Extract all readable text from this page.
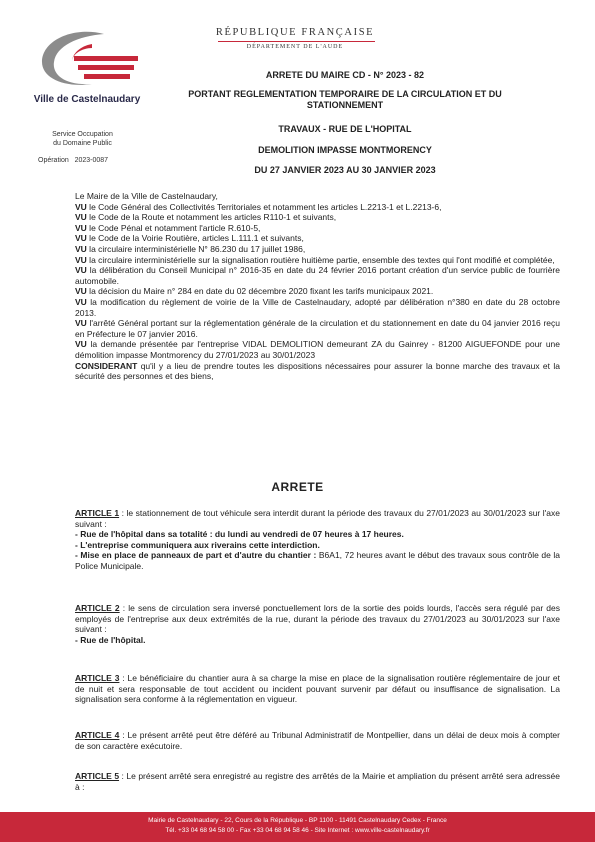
Ville de Castelnaudary
Service Occupation
du Domaine Public
Opération   2023-0087
RÉPUBLIQUE FRANÇAISE
DÉPARTEMENT DE L'AUDE
ARRETE DU MAIRE CD - N° 2023 - 82
PORTANT REGLEMENTATION TEMPORAIRE DE LA CIRCULATION ET DU
STATIONNEMENT
TRAVAUX - RUE DE L'HOPITAL
DEMOLITION IMPASSE MONTMORENCY
DU 27 JANVIER 2023 AU 30 JANVIER 2023
Le Maire de la Ville de Castelnaudary,
VU le Code Général des Collectivités Territoriales et notamment les articles L.2213-1 et L.2213-6,
VU le Code de la Route et notamment les articles R110-1 et suivants,
VU le Code Pénal et notamment l'article R.610-5,
VU le Code de la Voirie Routière, articles L.111.1 et suivants,
VU la circulaire interministérielle N° 86.230 du 17 juillet 1986,
VU la circulaire interministérielle sur la signalisation routière huitième partie, ensemble des textes qui l'ont modifié et complétée,
VU la délibération du Conseil Municipal n° 2016-35 en date du 24 février 2016 portant création d'un service public de fourrière automobile.
VU la décision du Maire n° 284 en date du 02 décembre 2020 fixant les tarifs municipaux 2021.
VU la modification du règlement de voirie de la Ville de Castelnaudary, adopté par délibération n°380 en date du 28 octobre 2013.
VU l'arrêté Général portant sur la réglementation générale de la circulation et du stationnement en date du 04 janvier 2016 reçu en Préfecture le 07 janvier 2016.
VU la demande présentée par l'entreprise VIDAL DEMOLITION demeurant ZA du Gainrey - 81200 AIGUEFONDE pour une démolition impasse Montmorency du 27/01/2023 au 30/01/2023
CONSIDERANT qu'il y a lieu de prendre toutes les dispositions nécessaires pour assurer la bonne marche des travaux et la sécurité des personnes et des biens,
ARRETE
ARTICLE 1 : le stationnement de tout véhicule sera interdit durant la période des travaux du 27/01/2023 au 30/01/2023 sur l'axe suivant :
- Rue de l'hôpital dans sa totalité : du lundi au vendredi de 07 heures à 17 heures.
- L'entreprise communiquera aux riverains cette interdiction.
- Mise en place de panneaux de part et d'autre du chantier : B6A1, 72 heures avant le début des travaux sous contrôle de la Police Municipale.
ARTICLE 2 : le sens de circulation sera inversé ponctuellement lors de la sortie des poids lourds, l'accès sera régulé par des employés de l'entreprise aux deux extrémités de la rue, durant la période des travaux du 27/01/2023 au 30/01/2023 sur l'axe suivant :
- Rue de l'hôpital.
ARTICLE 3 : Le bénéficiaire du chantier aura à sa charge la mise en place de la signalisation routière réglementaire de jour et de nuit et sera responsable de tout accident ou incident pouvant survenir par défaut ou insuffisance de signalisation. La signalisation sera conforme à la réglementation en vigueur.
ARTICLE 4 : Le présent arrêté peut être déféré au Tribunal Administratif de Montpellier, dans un délai de deux mois à compter de son caractère exécutoire.
ARTICLE 5 : Le présent arrêté sera enregistré au registre des arrêtés de la Mairie et ampliation du présent arrêté sera adressée à :
Mairie de Castelnaudary - 22, Cours de la République - BP 1100 - 11491 Castelnaudary Cedex - France
Tél. +33 04 68 94 58 00 - Fax +33 04 68 94 58 46 - Site Internet : www.ville-castelnaudary.fr
